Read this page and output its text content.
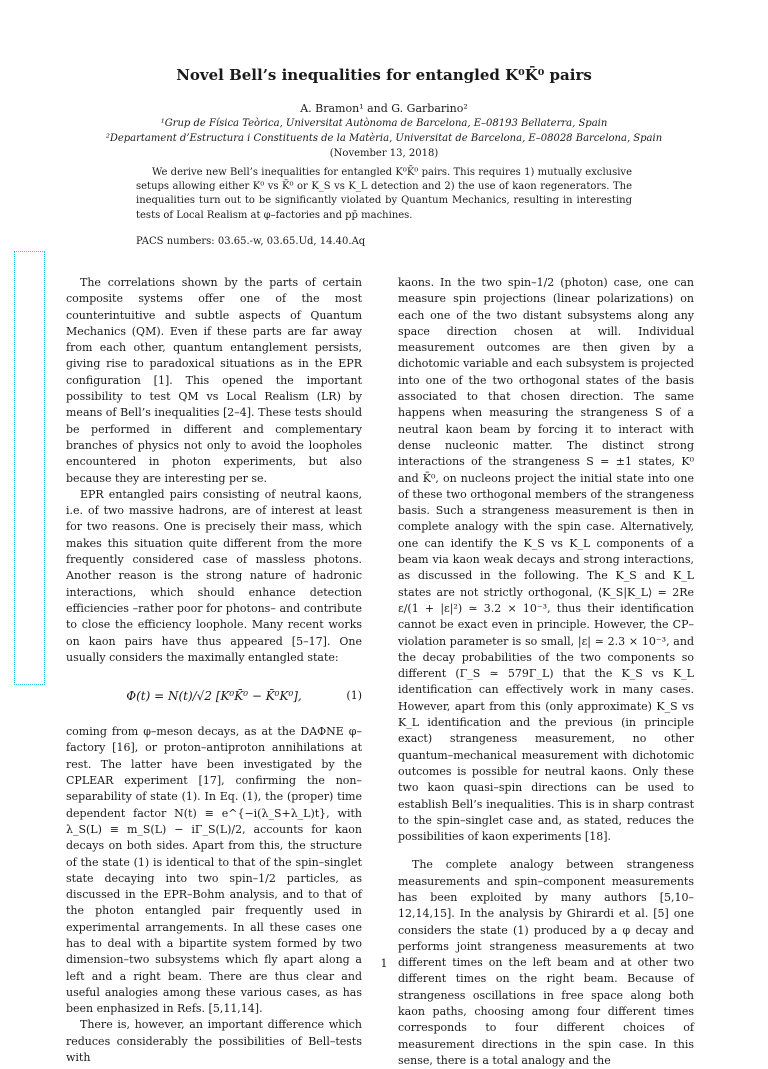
Novel Bell’s inequalities for entangled K⁰K̄⁰ pairs
A. Bramon¹ and G. Garbarino²
¹Grup de Física Teòrica, Universitat Autònoma de Barcelona, E–08193 Bellaterra, Spain
²Departament d’Estructura i Constituents de la Matèria, Universitat de Barcelona, E–08028 Barcelona, Spain
(November 13, 2018)

We derive new Bell’s inequalities for entangled K⁰K̄⁰ pairs. This requires 1) mutually exclusive setups allowing either K⁰ vs K̄⁰ or K_S vs K_L detection and 2) the use of kaon regenerators. The inequalities turn out to be significantly violated by Quantum Mechanics, resulting in interesting tests of Local Realism at φ–factories and pp̄ machines.

PACS numbers: 03.65.-w, 03.65.Ud, 14.40.Aq

The correlations shown by the parts of certain composite systems offer one of the most counterintuitive and subtle aspects of Quantum Mechanics (QM). Even if these parts are far away from each other, quantum entanglement persists, giving rise to paradoxical situations as in the EPR configuration [1]. This opened the important possibility to test QM vs Local Realism (LR) by means of Bell’s inequalities [2–4]. These tests should be performed in different and complementary branches of physics not only to avoid the loopholes encountered in photon experiments, but also because they are interesting per se.

EPR entangled pairs consisting of neutral kaons, i.e. of two massive hadrons, are of interest at least for two reasons. One is precisely their mass, which makes this situation quite different from the more frequently considered case of massless photons. Another reason is the strong nature of hadronic interactions, which should enhance detection efficiencies –rather poor for photons– and contribute to close the efficiency loophole. Many recent works on kaon pairs have thus appeared [5–17]. One usually considers the maximally entangled state:

Φ(t) = N(t)/√2 [K⁰K̄⁰ − K̄⁰K⁰],	(1)

coming from φ–meson decays, as at the DAΦNE φ–factory [16], or proton–antiproton annihilations at rest. The latter have been investigated by the CPLEAR experiment [17], confirming the non–separability of state (1). In Eq. (1), the (proper) time dependent factor N(t) ≡ e^{−i(λ_S+λ_L)t}, with λ_S(L) ≡ m_S(L) − iΓ_S(L)/2, accounts for kaon decays on both sides. Apart from this, the structure of the state (1) is identical to that of the spin–singlet state decaying into two spin–1/2 particles, as discussed in the EPR–Bohm analysis, and to that of the photon entangled pair frequently used in experimental arrangements. In all these cases one has to deal with a bipartite system formed by two dimension–two subsystems which fly apart along a left and a right beam. There are thus clear and useful analogies among these various cases, as has been enphasized in Refs. [5,11,14].

There is, however, an important difference which reduces considerably the possibilities of Bell–tests with

kaons. In the two spin–1/2 (photon) case, one can measure spin projections (linear polarizations) on each one of the two distant subsystems along any space direction chosen at will. Individual measurement outcomes are then given by a dichotomic variable and each subsystem is projected into one of the two orthogonal states of the basis associated to that chosen direction. The same happens when measuring the strangeness S of a neutral kaon beam by forcing it to interact with dense nucleonic matter. The distinct strong interactions of the strangeness S = ±1 states, K⁰ and K̄⁰, on nucleons project the initial state into one of these two orthogonal members of the strangeness basis. Such a strangeness measurement is then in complete analogy with the spin case. Alternatively, one can identify the K_S vs K_L components of a beam via kaon weak decays and strong interactions, as discussed in the following. The K_S and K_L states are not strictly orthogonal, ⟨K_S|K_L⟩ = 2Re ε/(1 + |ε|²) ≃ 3.2 × 10⁻³, thus their identification cannot be exact even in principle. However, the CP–violation parameter is so small, |ε| ≃ 2.3 × 10⁻³, and the decay probabilities of the two components so different (Γ_S ≃ 579Γ_L) that the K_S vs K_L identification can effectively work in many cases. However, apart from this (only approximate) K_S vs K_L identification and the previous (in principle exact) strangeness measurement, no other quantum–mechanical measurement with dichotomic outcomes is possible for neutral kaons. Only these two kaon quasi–spin directions can be used to establish Bell’s inequalities. This is in sharp contrast to the spin–singlet case and, as stated, reduces the possibilities of kaon experiments [18].

The complete analogy between strangeness measurements and spin–component measurements has been exploited by many authors [5,10–12,14,15]. In the analysis by Ghirardi et al. [5] one considers the state (1) produced by a φ decay and performs joint strangeness measurements at two different times on the left beam and at other two different times on the right beam. Because of strangeness oscillations in free space along both kaon paths, choosing among four different times corresponds to four different choices of measurement directions in the spin case. In this sense, there is a total analogy and the

1
